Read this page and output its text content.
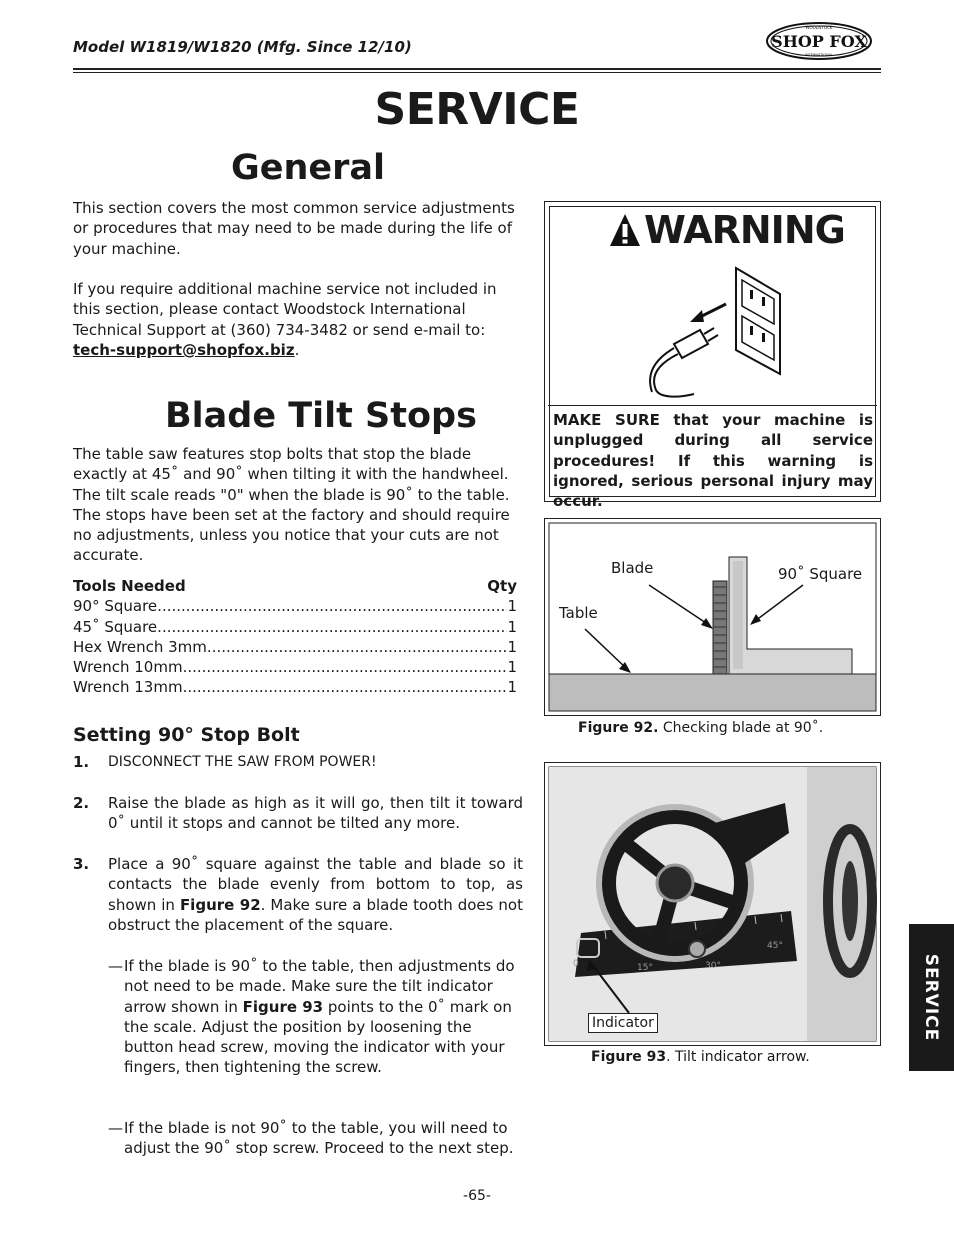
Model W1819/W1820 (Mfg. Since 12/10)	SHOP FOX
WOODSTOCK
INTERNATIONAL
SERVICE
General
This section covers the most common service adjustments or procedures that may need to be made during the life of your machine.
If you require additional machine service not included in this section, please contact Woodstock International Technical Support at (360) 734-3482 or send e-mail to: tech-support@shopfox.biz.
Blade Tilt Stops
The table saw features stop bolts that stop the blade exactly at 45˚ and 90˚ when tilting it with the handwheel. The tilt scale reads "0" when the blade is 90˚ to the table. The stops have been set at the factory and should require no adjustments, unless you notice that your cuts are not accurate.
Tools Needed	Qty
90° Square .....	1
45˚ Square .....	1
Hex Wrench 3mm .....	1
Wrench 10mm .....	1
Wrench 13mm .....	1
Setting 90° Stop Bolt
1. DISCONNECT THE SAW FROM POWER!
2. Raise the blade as high as it will go, then tilt it toward 0˚ until it stops and cannot be tilted any more.
3. Place a 90˚ square against the table and blade so it contacts the blade evenly from bottom to top, as shown in Figure 92. Make sure a blade tooth does not obstruct the placement of the square.
— If the blade is 90˚ to the table, then adjustments do not need to be made. Make sure the tilt indicator arrow shown in Figure 93 points to the 0˚ mark on the scale. Adjust the position by loosening the button head screw, moving the indicator with your fingers, then tightening the screw.
— If the blade is not 90˚ to the table, you will need to adjust the 90˚ stop screw. Proceed to the next step.
WARNING
MAKE SURE that your machine is unplugged during all service procedures! If this warning is ignored, serious personal injury may occur.
Blade	90˚ Square
Table
Figure 92. Checking blade at 90˚.
0	15°	30°
45°
Indicator
Figure 93. Tilt indicator arrow.
SERVICE
-65-
